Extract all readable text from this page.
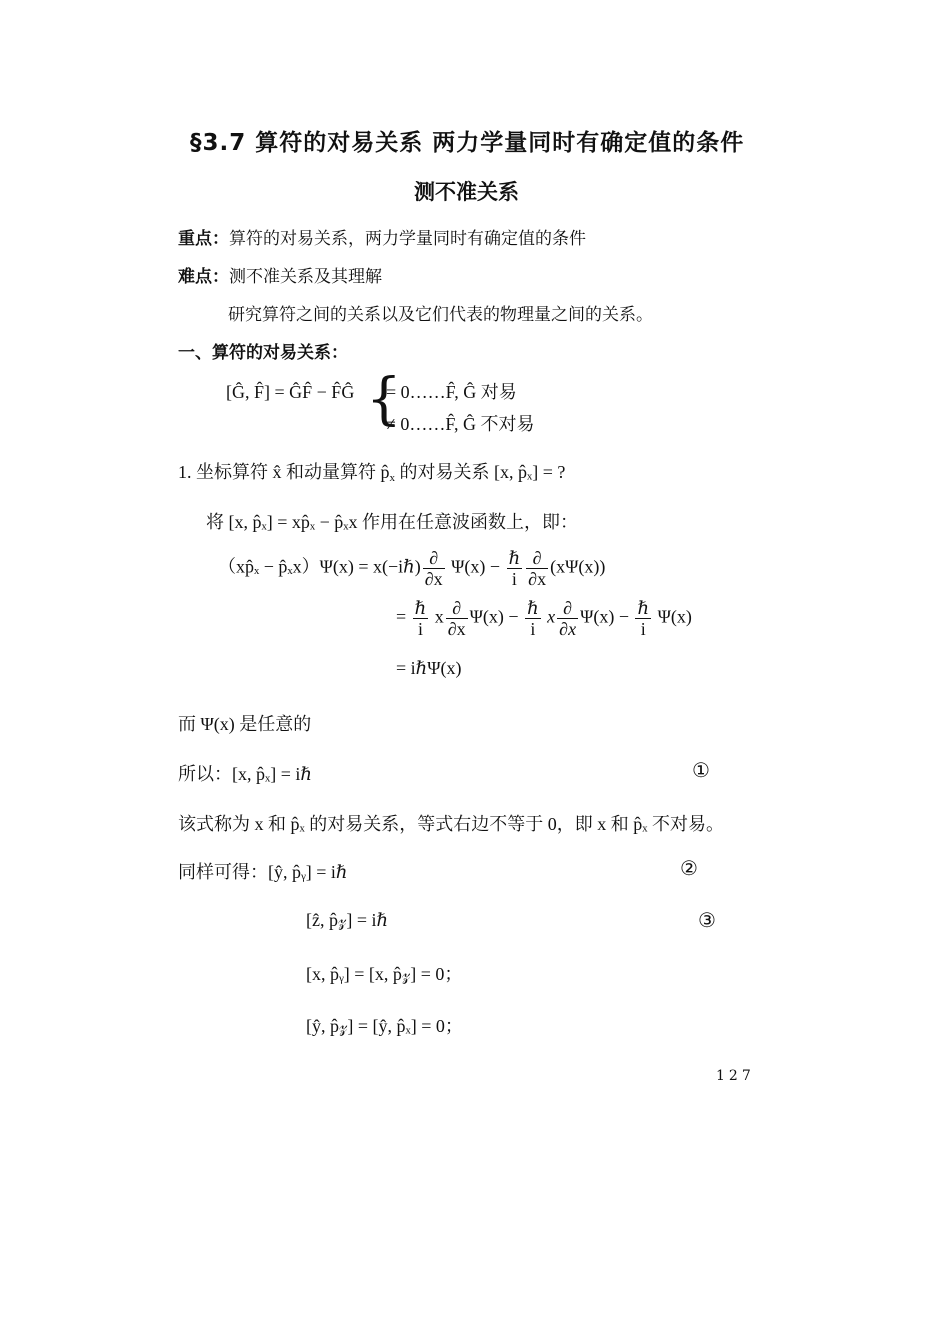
§3.7 算符的对易关系 两力学量同时有确定值的条件
测不准关系
重点：算符的对易关系，两力学量同时有确定值的条件
难点：测不准关系及其理解
研究算符之间的关系以及它们代表的物理量之间的关系。
一、算符的对易关系：
[Ĝ, F̂] = ĜF̂ − F̂Ĝ {
= 0……F̂, Ĝ 对易
≠ 0……F̂, Ĝ 不对易
1. 坐标算符 x̂ 和动量算符 $p̂_x$ 的对易关系 [x, p̂ₓ] = ?
将 [x, p̂ₓ] = xp̂ₓ − p̂ₓx 作用在任意波函数上，即：
（xp̂ₓ − p̂ₓx）Ψ(x) = x(−iℏ) $\frac{\partial}{\partial x} \Psi(x) - \frac{\text{ℏ}}{i} \frac{\partial}{\partial x} (x\Psi(x))$
= $\frac{\text{ℏ}}{i}$ x $\frac{\partial}{\partial x} \Psi(x) - \frac{\text{ℏ}}{i}$ x $\frac{\partial}{\partial x} \Psi(x) - \frac{\text{ℏ}}{i} \Psi(x)$
= iℏΨ(x)
而 Ψ(x) 是任意的
所以：[x, p̂ₓ] = iℏ	①
该式称为 x 和 p̂ₓ 的对易关系，等式右边不等于 0，即 x 和 p̂ₓ 不对易。
同样可得：[ŷ, p̂ᵧ] = iℏ	②
[ẑ, p̂𝓏] = iℏ	③
[x, p̂ᵧ] = [x, p̂𝓏] = 0；
[ŷ, p̂𝓏] = [ŷ, p̂ₓ] = 0；
127
